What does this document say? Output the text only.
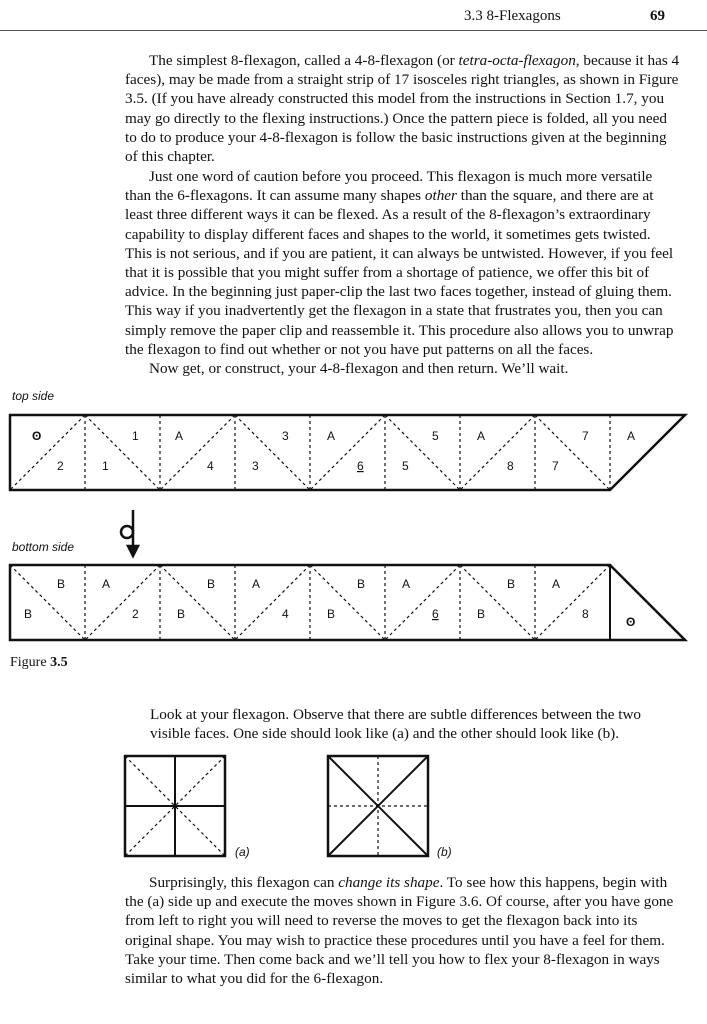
3.3 8-Flexagons	69

The simplest 8-flexagon, called a 4-8-flexagon (or tetra-octa-flexagon, because it has 4 faces), may be made from a straight strip of 17 isosceles right triangles, as shown in Figure 3.5. (If you have already constructed this model from the instructions in Section 1.7, you may go directly to the flexing instructions.) Once the pattern piece is folded, all you need to do to produce your 4-8-flexagon is follow the basic instructions given at the beginning of this chapter.

Just one word of caution before you proceed. This flexagon is much more versatile than the 6-flexagons. It can assume many shapes other than the square, and there are at least three different ways it can be flexed. As a result of the 8-flexagon’s extraordinary capability to display different faces and shapes to the world, it sometimes gets twisted. This is not serious, and if you are patient, it can always be untwisted. However, if you feel that it is possible that you might suffer from a shortage of patience, we offer this bit of advice. In the beginning just paper-clip the last two faces together, instead of gluing them. This way if you inadvertently get the flexagon in a state that frustrates you, then you can simply remove the paper clip and reassemble it. This procedure also allows you to unwrap the flexagon to find out whether or not you have put patterns on all the faces.
Now get, or construct, your 4-8-flexagon and then return. We’ll wait.

top side
bottom side
ʘ
2	1
1	A
4	3
3	A
6	5
5	A
8	7
7	A
ʘ
B
B	A
2	B
B	A
4	B
B	A
6	B
B	A
8
Figure 3.5

Look at your flexagon. Observe that there are subtle differences between the two visible faces. One side should look like (a) and the other should look like (b).

(a)	(b)

Surprisingly, this flexagon can change its shape. To see how this happens, begin with the (a) side up and execute the moves shown in Figure 3.6. Of course, after you have gone from left to right you will need to reverse the moves to get the flexagon back into its original shape. You may wish to practice these procedures until you have a feel for them. Take your time. Then come back and we’ll tell you how to flex your 8-flexagon in ways similar to what you did for the 6-flexagon.
